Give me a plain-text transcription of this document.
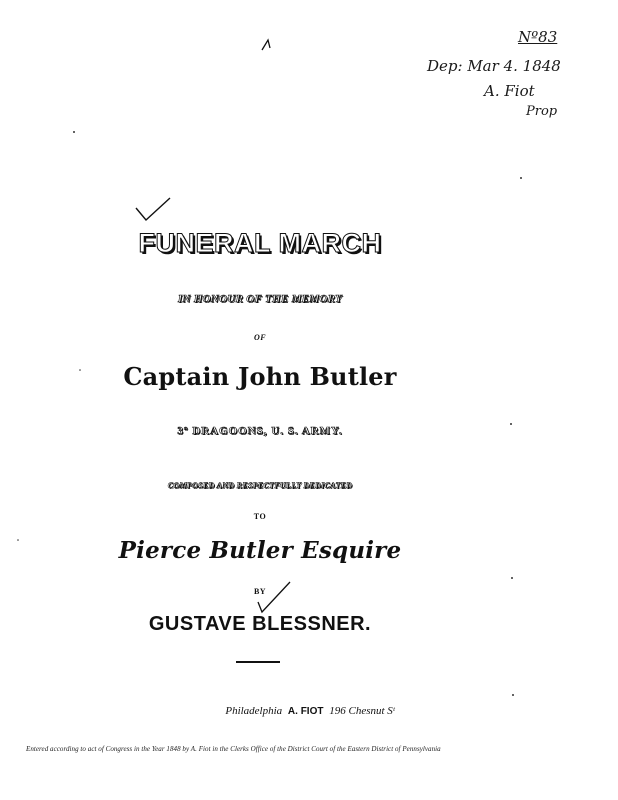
Nº83
Dep: Mar 4. 1848
A. Fiot
Prop
FUNERAL MARCH
IN HONOUR OF THE MEMORY
OF
Captain John Butler
3º DRAGOONS, U. S. ARMY.
COMPOSED AND RESPECTFULLY DEDICATED
TO
Pierce Butler Esquire
BY
GUSTAVE BLESSNER.
Philadelphia A. FIOT 196 Chesnut Sᵗ
Entered according to act of Congress in the Year 1848 by A. Fiot in the Clerks Office of the District Court of the Eastern District of Pennsylvania
